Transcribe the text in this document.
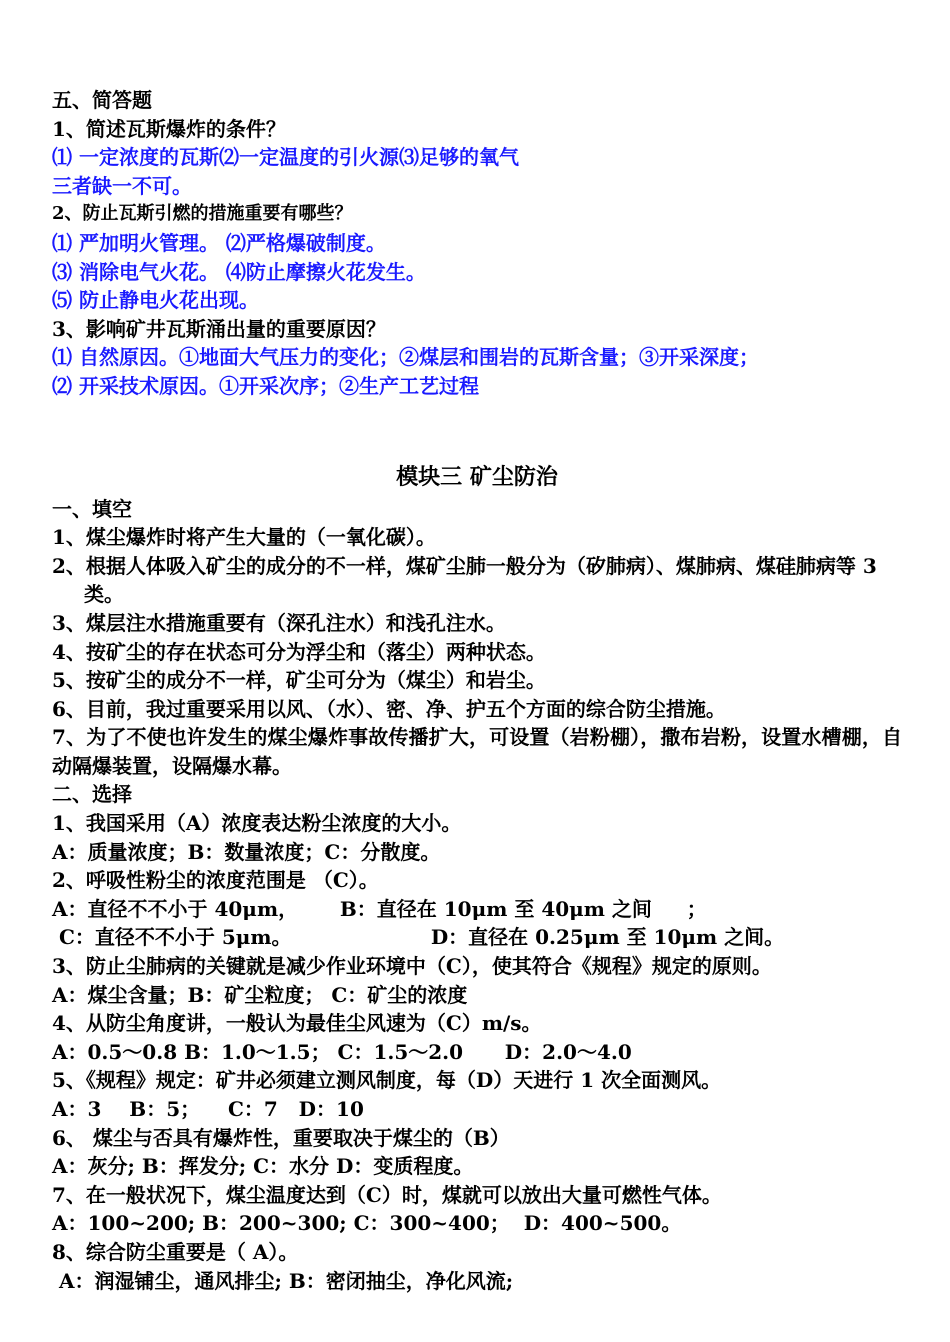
五、简答题
1、简述瓦斯爆炸的条件？
⑴ 一定浓度的瓦斯⑵一定温度的引火源⑶足够的氧气
三者缺一不可。
2、防止瓦斯引燃的措施重要有哪些？
⑴ 严加明火管理。 ⑵严格爆破制度。
⑶ 消除电气火花。 ⑷防止摩擦火花发生。
⑸ 防止静电火花出现。
3、影响矿井瓦斯涌出量的重要原因？
⑴ 自然原因。①地面大气压力的变化；②煤层和围岩的瓦斯含量；③开采深度；
⑵ 开采技术原因。①开采次序；②生产工艺过程
模块三 矿尘防治
一、填空
1、煤尘爆炸时将产生大量的（一氧化碳）。
2、根据人体吸入矿尘的成分的不一样，煤矿尘肺一般分为（矽肺病）、煤肺病、煤硅肺病等 3 类。
3、煤层注水措施重要有（深孔注水）和浅孔注水。
4、按矿尘的存在状态可分为浮尘和（落尘）两种状态。
5、按矿尘的成分不一样，矿尘可分为（煤尘）和岩尘。
6、目前，我过重要采用以风、（水）、密、净、护五个方面的综合防尘措施。
7、为了不使也许发生的煤尘爆炸事故传播扩大，可设置（岩粉棚），撒布岩粉，设置水槽棚，自动隔爆装置，设隔爆水幕。
二、选择
1、我国采用（A）浓度表达粉尘浓度的大小。
A：质量浓度；B：数量浓度；C：分散度。
2、呼吸性粉尘的浓度范围是 （C）。
A：直径不不小于 40μm，      B：直径在 10μm 至 40μm 之间     ；
C：直径不不小于 5μm。                    D：直径在 0.25μm 至 10μm 之间。
3、防止尘肺病的关键就是减少作业环境中（C），使其符合《规程》规定的原则。
A：煤尘含量；B：矿尘粒度； C：矿尘的浓度
4、从防尘角度讲，一般认为最佳尘风速为（C）m/s。
A：0.5～0.8 B：1.0～1.5； C：1.5～2.0      D：2.0～4.0
5、《规程》规定：矿井必须建立测风制度，每（D）天进行 1 次全面测风。
A：3    B：5；    C：7   D：10
6、 煤尘与否具有爆炸性，重要取决于煤尘的（B）
A：灰分; B：挥发分; C：水分 D：变质程度。
7、在一般状况下，煤尘温度达到（C）时，煤就可以放出大量可燃性气体。
A：100~200; B：200~300; C：300~400；  D：400~500。
8、综合防尘重要是（ A）。
A：润湿铺尘，通风排尘; B：密闭抽尘，净化风流;
